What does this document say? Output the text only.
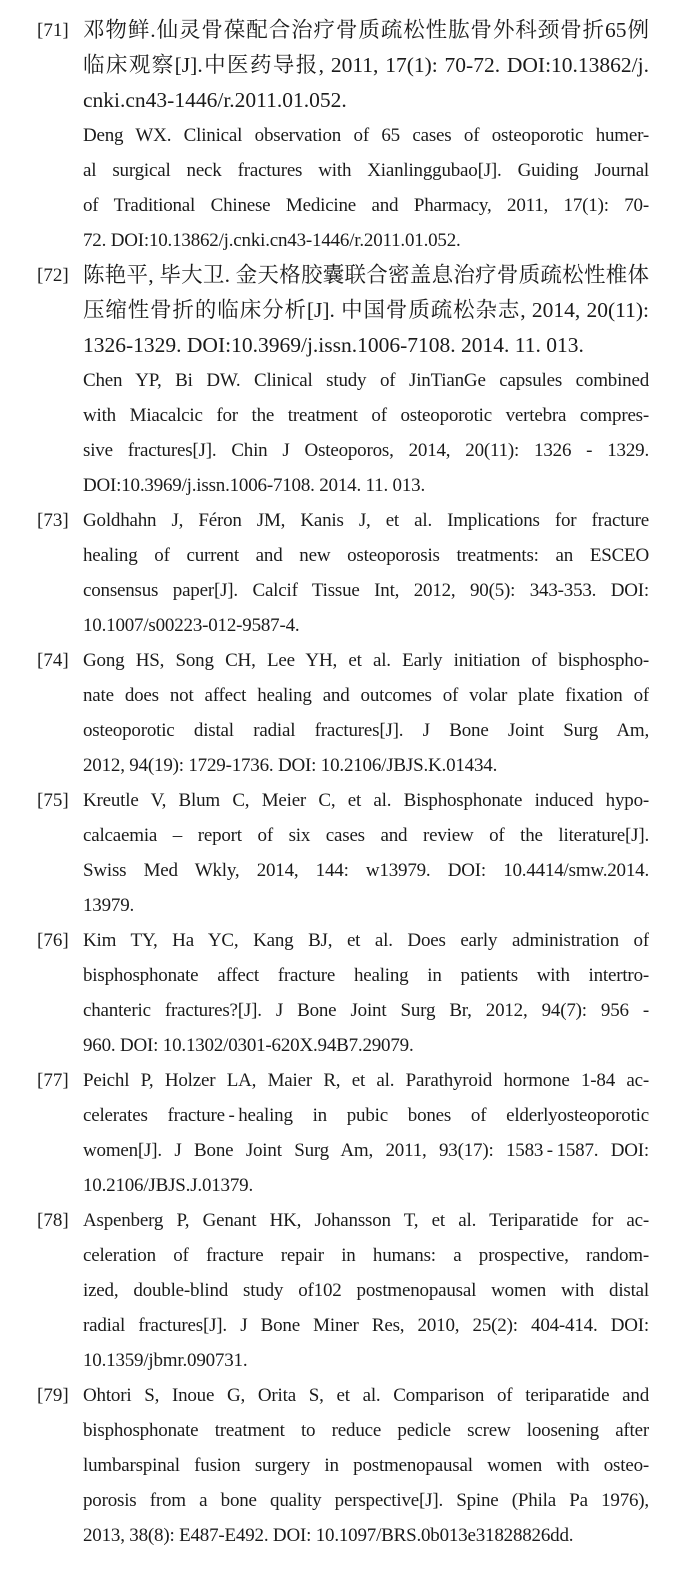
[71] 邓物鲜.仙灵骨葆配合治疗骨质疏松性肱骨外科颈骨折65例
临床观察[J].中医药导报, 2011, 17(1): 70-72. DOI:10.13862/j.
cnki.cn43-1446/r.2011.01.052.
Deng WX. Clinical observation of 65 cases of osteoporotic humer-
al surgical neck fractures with Xianlinggubao[J]. Guiding Journal
of Traditional Chinese Medicine and Pharmacy, 2011, 17(1): 70-
72. DOI:10.13862/j.cnki.cn43-1446/r.2011.01.052.
[72] 陈艳平, 毕大卫. 金天格胶囊联合密盖息治疗骨质疏松性椎体
压缩性骨折的临床分析[J]. 中国骨质疏松杂志, 2014, 20(11):
1326-1329. DOI:10.3969/j.issn.1006-7108. 2014. 11. 013.
Chen YP, Bi DW. Clinical study of JinTianGe capsules combined
with Miacalcic for the treatment of osteoporotic vertebra compres-
sive fractures[J]. Chin J Osteoporos, 2014, 20(11): 1326 - 1329.
DOI:10.3969/j.issn.1006-7108. 2014. 11. 013.
[73] Goldhahn J, Féron JM, Kanis J, et al. Implications for fracture
healing of current and new osteoporosis treatments: an ESCEO
consensus paper[J]. Calcif Tissue Int, 2012, 90(5): 343-353. DOI:
10.1007/s00223-012-9587-4.
[74] Gong HS, Song CH, Lee YH, et al. Early initiation of bisphospho-
nate does not affect healing and outcomes of volar plate fixation of
osteoporotic distal radial fractures[J]. J Bone Joint Surg Am,
2012, 94(19): 1729-1736. DOI: 10.2106/JBJS.K.01434.
[75] Kreutle V, Blum C, Meier C, et al. Bisphosphonate induced hypo-
calcaemia – report of six cases and review of the literature[J].
Swiss Med Wkly, 2014, 144: w13979. DOI: 10.4414/smw.2014.
13979.
[76] Kim TY, Ha YC, Kang BJ, et al. Does early administration of
bisphosphonate affect fracture healing in patients with intertro-
chanteric fractures?[J]. J Bone Joint Surg Br, 2012, 94(7): 956 -
960. DOI: 10.1302/0301-620X.94B7.29079.
[77] Peichl P, Holzer LA, Maier R, et al. Parathyroid hormone 1-84 ac-
celerates fracture - healing in pubic bones of elderlyosteoporotic
women[J]. J Bone Joint Surg Am, 2011, 93(17): 1583 - 1587. DOI:
10.2106/JBJS.J.01379.
[78] Aspenberg P, Genant HK, Johansson T, et al. Teriparatide for ac-
celeration of fracture repair in humans: a prospective, random-
ized, double-blind study of102 postmenopausal women with distal
radial fractures[J]. J Bone Miner Res, 2010, 25(2): 404-414. DOI:
10.1359/jbmr.090731.
[79] Ohtori S, Inoue G, Orita S, et al. Comparison of teriparatide and
bisphosphonate treatment to reduce pedicle screw loosening after
lumbarspinal fusion surgery in postmenopausal women with osteo-
porosis from a bone quality perspective[J]. Spine (Phila Pa 1976),
2013, 38(8): E487-E492. DOI: 10.1097/BRS.0b013e31828826dd.
